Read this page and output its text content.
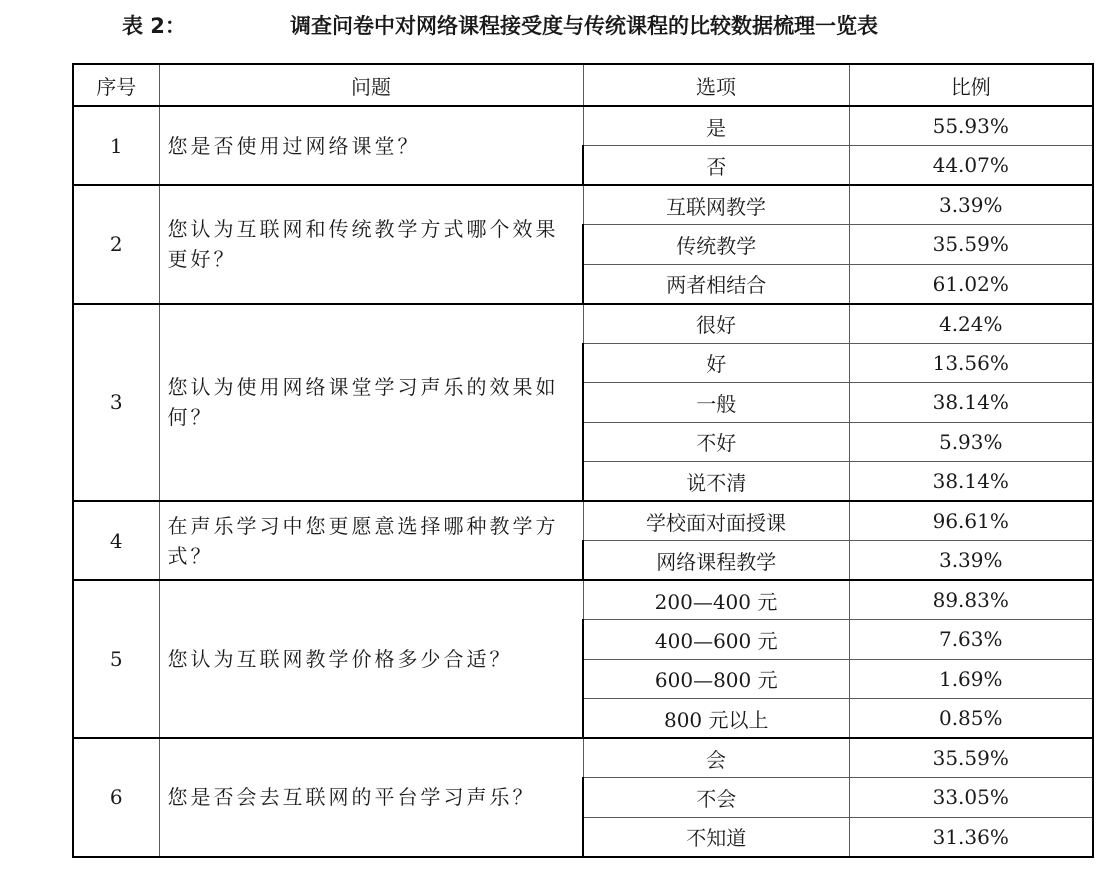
表 2：	调查问卷中对网络课程接受度与传统课程的比较数据梳理一览表
序号	问题	选项	比例
1	您是否使用过网络课堂？	是	55.93%
		否	44.07%
2	您认为互联网和传统教学方式哪个效果更好？	互联网教学	3.39%
		传统教学	35.59%
		两者相结合	61.02%
3	您认为使用网络课堂学习声乐的效果如何？	很好	4.24%
		好	13.56%
		一般	38.14%
		不好	5.93%
		说不清	38.14%
4	在声乐学习中您更愿意选择哪种教学方式？	学校面对面授课	96.61%
		网络课程教学	3.39%
5	您认为互联网教学价格多少合适？	200—400 元	89.83%
		400—600 元	7.63%
		600—800 元	1.69%
		800 元以上	0.85%
6	您是否会去互联网的平台学习声乐？	会	35.59%
		不会	33.05%
		不知道	31.36%
